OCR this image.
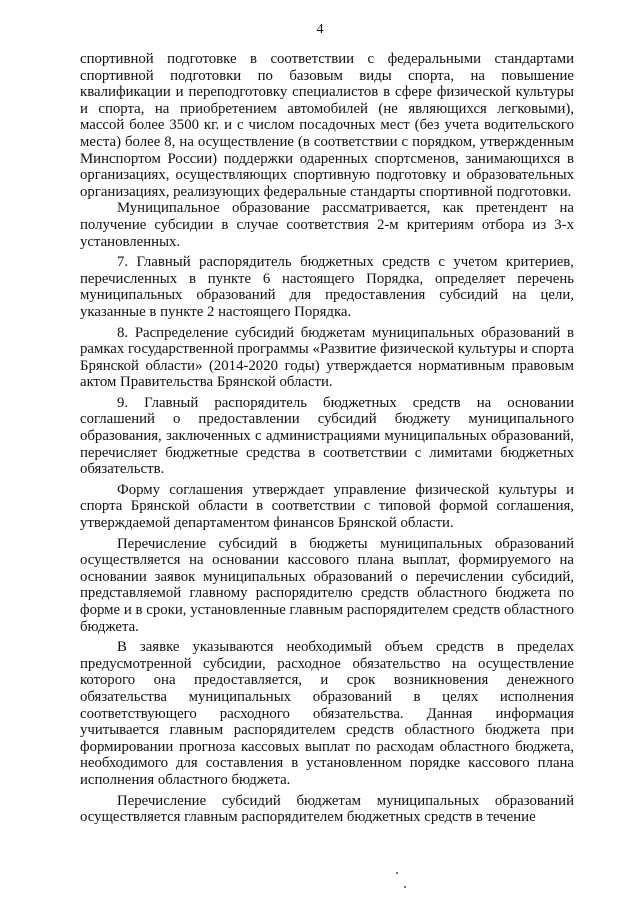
4

спортивной подготовке в соответствии с федеральными стандартами спортивной подготовки по базовым виды спорта, на повышение квалификации и переподготовку специалистов в сфере физической культуры и спорта, на приобретением автомобилей (не являющихся легковыми), массой более 3500 кг. и с числом посадочных мест (без учета водительского места) более 8, на осуществление (в соответствии с порядком, утвержденным Минспортом России) поддержки одаренных спортсменов, занимающихся в организациях, осуществляющих спортивную подготовку и образовательных организациях, реализующих федеральные стандарты спортивной подготовки.

Муниципальное образование рассматривается, как претендент на получение субсидии в случае соответствия 2-м критериям отбора из 3-х установленных.

7. Главный распорядитель бюджетных средств с учетом критериев, перечисленных в пункте 6 настоящего Порядка, определяет перечень муниципальных образований для предоставления субсидий на цели, указанные в пункте 2 настоящего Порядка.

8. Распределение субсидий бюджетам муниципальных образований в рамках государственной программы «Развитие физической культуры и спорта Брянской области» (2014-2020 годы) утверждается нормативным правовым актом Правительства Брянской области.

9. Главный распорядитель бюджетных средств на основании соглашений о предоставлении субсидий бюджету муниципального образования, заключенных с администрациями муниципальных образований, перечисляет бюджетные средства в соответствии с лимитами бюджетных обязательств.

Форму соглашения утверждает управление физической культуры и спорта Брянской области в соответствии с типовой формой соглашения, утверждаемой департаментом финансов Брянской области.

Перечисление субсидий в бюджеты муниципальных образований осуществляется на основании кассового плана выплат, формируемого на основании заявок муниципальных образований о перечислении субсидий, представляемой главному распорядителю средств областного бюджета по форме и в сроки, установленные главным распорядителем средств областного бюджета.

В заявке указываются необходимый объем средств в пределах предусмотренной субсидии, расходное обязательство на осуществление которого она предоставляется, и срок возникновения денежного обязательства муниципальных образований в целях исполнения соответствующего расходного обязательства. Данная информация учитывается главным распорядителем средств областного бюджета при формировании прогноза кассовых выплат по расходам областного бюджета, необходимого для составления в установленном порядке кассового плана исполнения областного бюджета.

Перечисление субсидий бюджетам муниципальных образований осуществляется главным распорядителем бюджетных средств в течение
